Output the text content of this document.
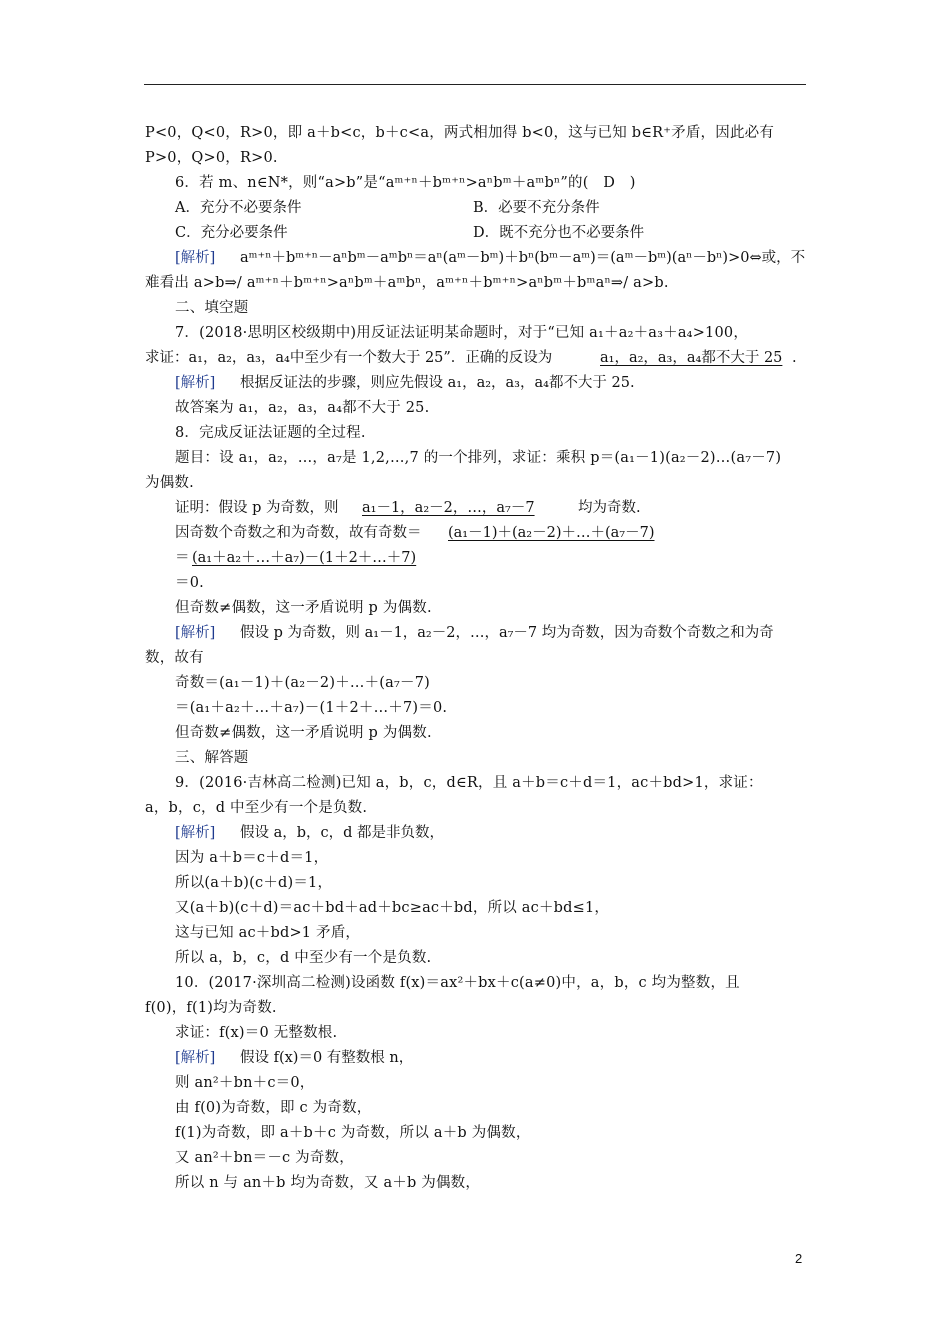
P<0，Q<0，R>0，即 a＋b<c，b＋c<a，两式相加得 b<0，这与已知 b∈R⁺矛盾，因此必有
P>0，Q>0，R>0.
6．若 m、n∈N*，则“a>b”是“aᵐ⁺ⁿ＋bᵐ⁺ⁿ>aⁿbᵐ＋aᵐbⁿ”的(　D　)
A．充分不必要条件	B．必要不充分条件
C．充分必要条件	D．既不充分也不必要条件
[解析] aᵐ⁺ⁿ＋bᵐ⁺ⁿ－aⁿbᵐ－aᵐbⁿ＝aⁿ(aᵐ－bᵐ)＋bⁿ(bᵐ－aᵐ)＝(aᵐ－bᵐ)(aⁿ－bⁿ)>0⇔或，不
难看出 a>b⇒/ aᵐ⁺ⁿ＋bᵐ⁺ⁿ>aⁿbᵐ＋aᵐbⁿ，aᵐ⁺ⁿ＋bᵐ⁺ⁿ>aⁿbᵐ＋bᵐaⁿ⇒/ a>b.
二、填空题
7．(2018·思明区校级期中)用反证法证明某命题时，对于“已知 a₁＋a₂＋a₃＋a₄>100，
求证：a₁，a₂，a₃，a₄中至少有一个数大于 25”．正确的反设为	a₁，a₂，a₃，a₄都不大于 25 .
[解析] 根据反证法的步骤，则应先假设 a₁，a₂，a₃，a₄都不大于 25.
故答案为 a₁，a₂，a₃，a₄都不大于 25.
8．完成反证法证题的全过程.
题目：设 a₁，a₂，…，a₇是 1,2,…,7 的一个排列，求证：乘积 p＝(a₁－1)(a₂－2)…(a₇－7)
为偶数.
证明：假设 p 为奇数，则 a₁－1，a₂－2，…，a₇－7	均为奇数.
因奇数个奇数之和为奇数，故有奇数＝ (a₁－1)＋(a₂－2)＋…＋(a₇－7)
＝ (a₁＋a₂＋…＋a₇)－(1＋2＋…＋7)
＝0.
但奇数≠偶数，这一矛盾说明 p 为偶数.
[解析] 假设 p 为奇数，则 a₁－1，a₂－2，…，a₇－7 均为奇数，因为奇数个奇数之和为奇
数，故有
奇数＝(a₁－1)＋(a₂－2)＋…＋(a₇－7)
＝(a₁＋a₂＋…＋a₇)－(1＋2＋…＋7)＝0.
但奇数≠偶数，这一矛盾说明 p 为偶数.
三、解答题
9．(2016·吉林高二检测)已知 a，b，c，d∈R，且 a＋b＝c＋d＝1，ac＋bd>1，求证：
a，b，c，d 中至少有一个是负数.
[解析] 假设 a，b，c，d 都是非负数，
因为 a＋b＝c＋d＝1，
所以(a＋b)(c＋d)＝1，
又(a＋b)(c＋d)＝ac＋bd＋ad＋bc≥ac＋bd，所以 ac＋bd≤1，
这与已知 ac＋bd>1 矛盾，
所以 a，b，c，d 中至少有一个是负数.
10．(2017·深圳高二检测)设函数 f(x)＝ax²＋bx＋c(a≠0)中，a，b，c 均为整数，且
f(0)，f(1)均为奇数.
求证：f(x)＝0 无整数根.
[解析] 假设 f(x)＝0 有整数根 n，
则 an²＋bn＋c＝0，
由 f(0)为奇数，即 c 为奇数，
f(1)为奇数，即 a＋b＋c 为奇数，所以 a＋b 为偶数，
又 an²＋bn＝－c 为奇数，
所以 n 与 an＋b 均为奇数，又 a＋b 为偶数，
2
